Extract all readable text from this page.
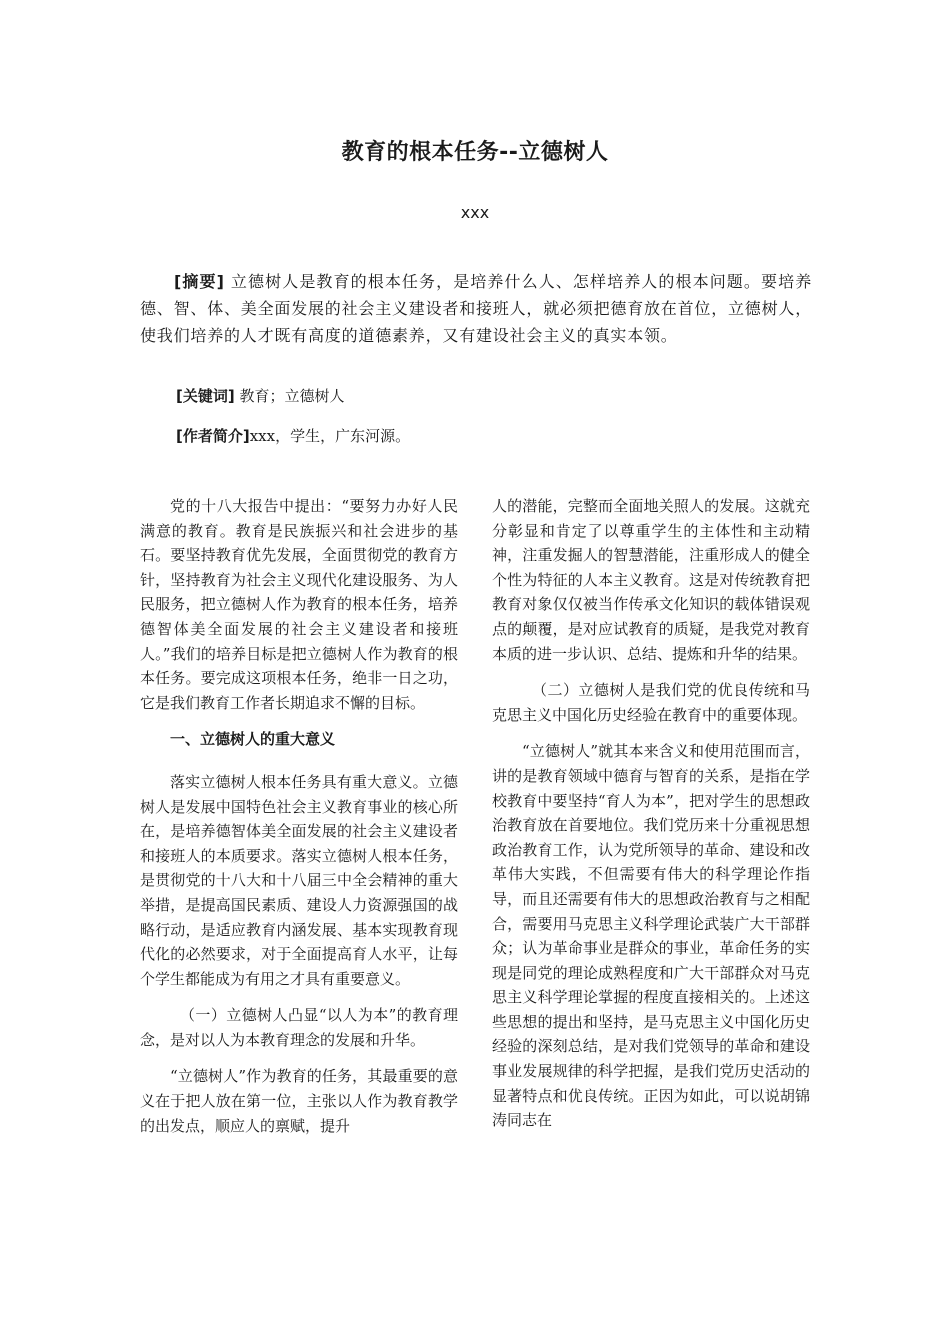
教育的根本任务--立德树人
xxx

[摘要] 立德树人是教育的根本任务，是培养什么人、怎样培养人的根本问题。要培养德、智、体、美全面发展的社会主义建设者和接班人，就必须把德育放在首位，立德树人，使我们培养的人才既有高度的道德素养，又有建设社会主义的真实本领。

[关键词] 教育；立德树人

[作者简介]xxx，学生，广东河源。

党的十八大报告中提出：“要努力办好人民满意的教育。教育是民族振兴和社会进步的基石。要坚持教育优先发展，全面贯彻党的教育方针，坚持教育为社会主义现代化建设服务、为人民服务，把立德树人作为教育的根本任务，培养德智体美全面发展的社会主义建设者和接班人。”我们的培养目标是把立德树人作为教育的根本任务。要完成这项根本任务，绝非一日之功，它是我们教育工作者长期追求不懈的目标。

一、立德树人的重大意义

落实立德树人根本任务具有重大意义。立德树人是发展中国特色社会主义教育事业的核心所在，是培养德智体美全面发展的社会主义建设者和接班人的本质要求。落实立德树人根本任务，是贯彻党的十八大和十八届三中全会精神的重大举措，是提高国民素质、建设人力资源强国的战略行动，是适应教育内涵发展、基本实现教育现代化的必然要求，对于全面提高育人水平，让每个学生都能成为有用之才具有重要意义。

（一）立德树人凸显“以人为本”的教育理念，是对以人为本教育理念的发展和升华。

“立德树人”作为教育的任务，其最重要的意义在于把人放在第一位，主张以人作为教育教学的出发点，顺应人的禀赋，提升

人的潜能，完整而全面地关照人的发展。这就充分彰显和肯定了以尊重学生的主体性和主动精神，注重发掘人的智慧潜能，注重形成人的健全个性为特征的人本主义教育。这是对传统教育把教育对象仅仅被当作传承文化知识的载体错误观点的颠覆，是对应试教育的质疑，是我党对教育本质的进一步认识、总结、提炼和升华的结果。

（二）立德树人是我们党的优良传统和马克思主义中国化历史经验在教育中的重要体现。

“立德树人”就其本来含义和使用范围而言，讲的是教育领域中德育与智育的关系，是指在学校教育中要坚持“育人为本”，把对学生的思想政治教育放在首要地位。我们党历来十分重视思想政治教育工作，认为党所领导的革命、建设和改革伟大实践，不但需要有伟大的科学理论作指导，而且还需要有伟大的思想政治教育与之相配合，需要用马克思主义科学理论武装广大干部群众；认为革命事业是群众的事业，革命任务的实现是同党的理论成熟程度和广大干部群众对马克思主义科学理论掌握的程度直接相关的。上述这些思想的提出和坚持，是马克思主义中国化历史经验的深刻总结，是对我们党领导的革命和建设事业发展规律的科学把握，是我们党历史活动的显著特点和优良传统。正因为如此，可以说胡锦涛同志在
